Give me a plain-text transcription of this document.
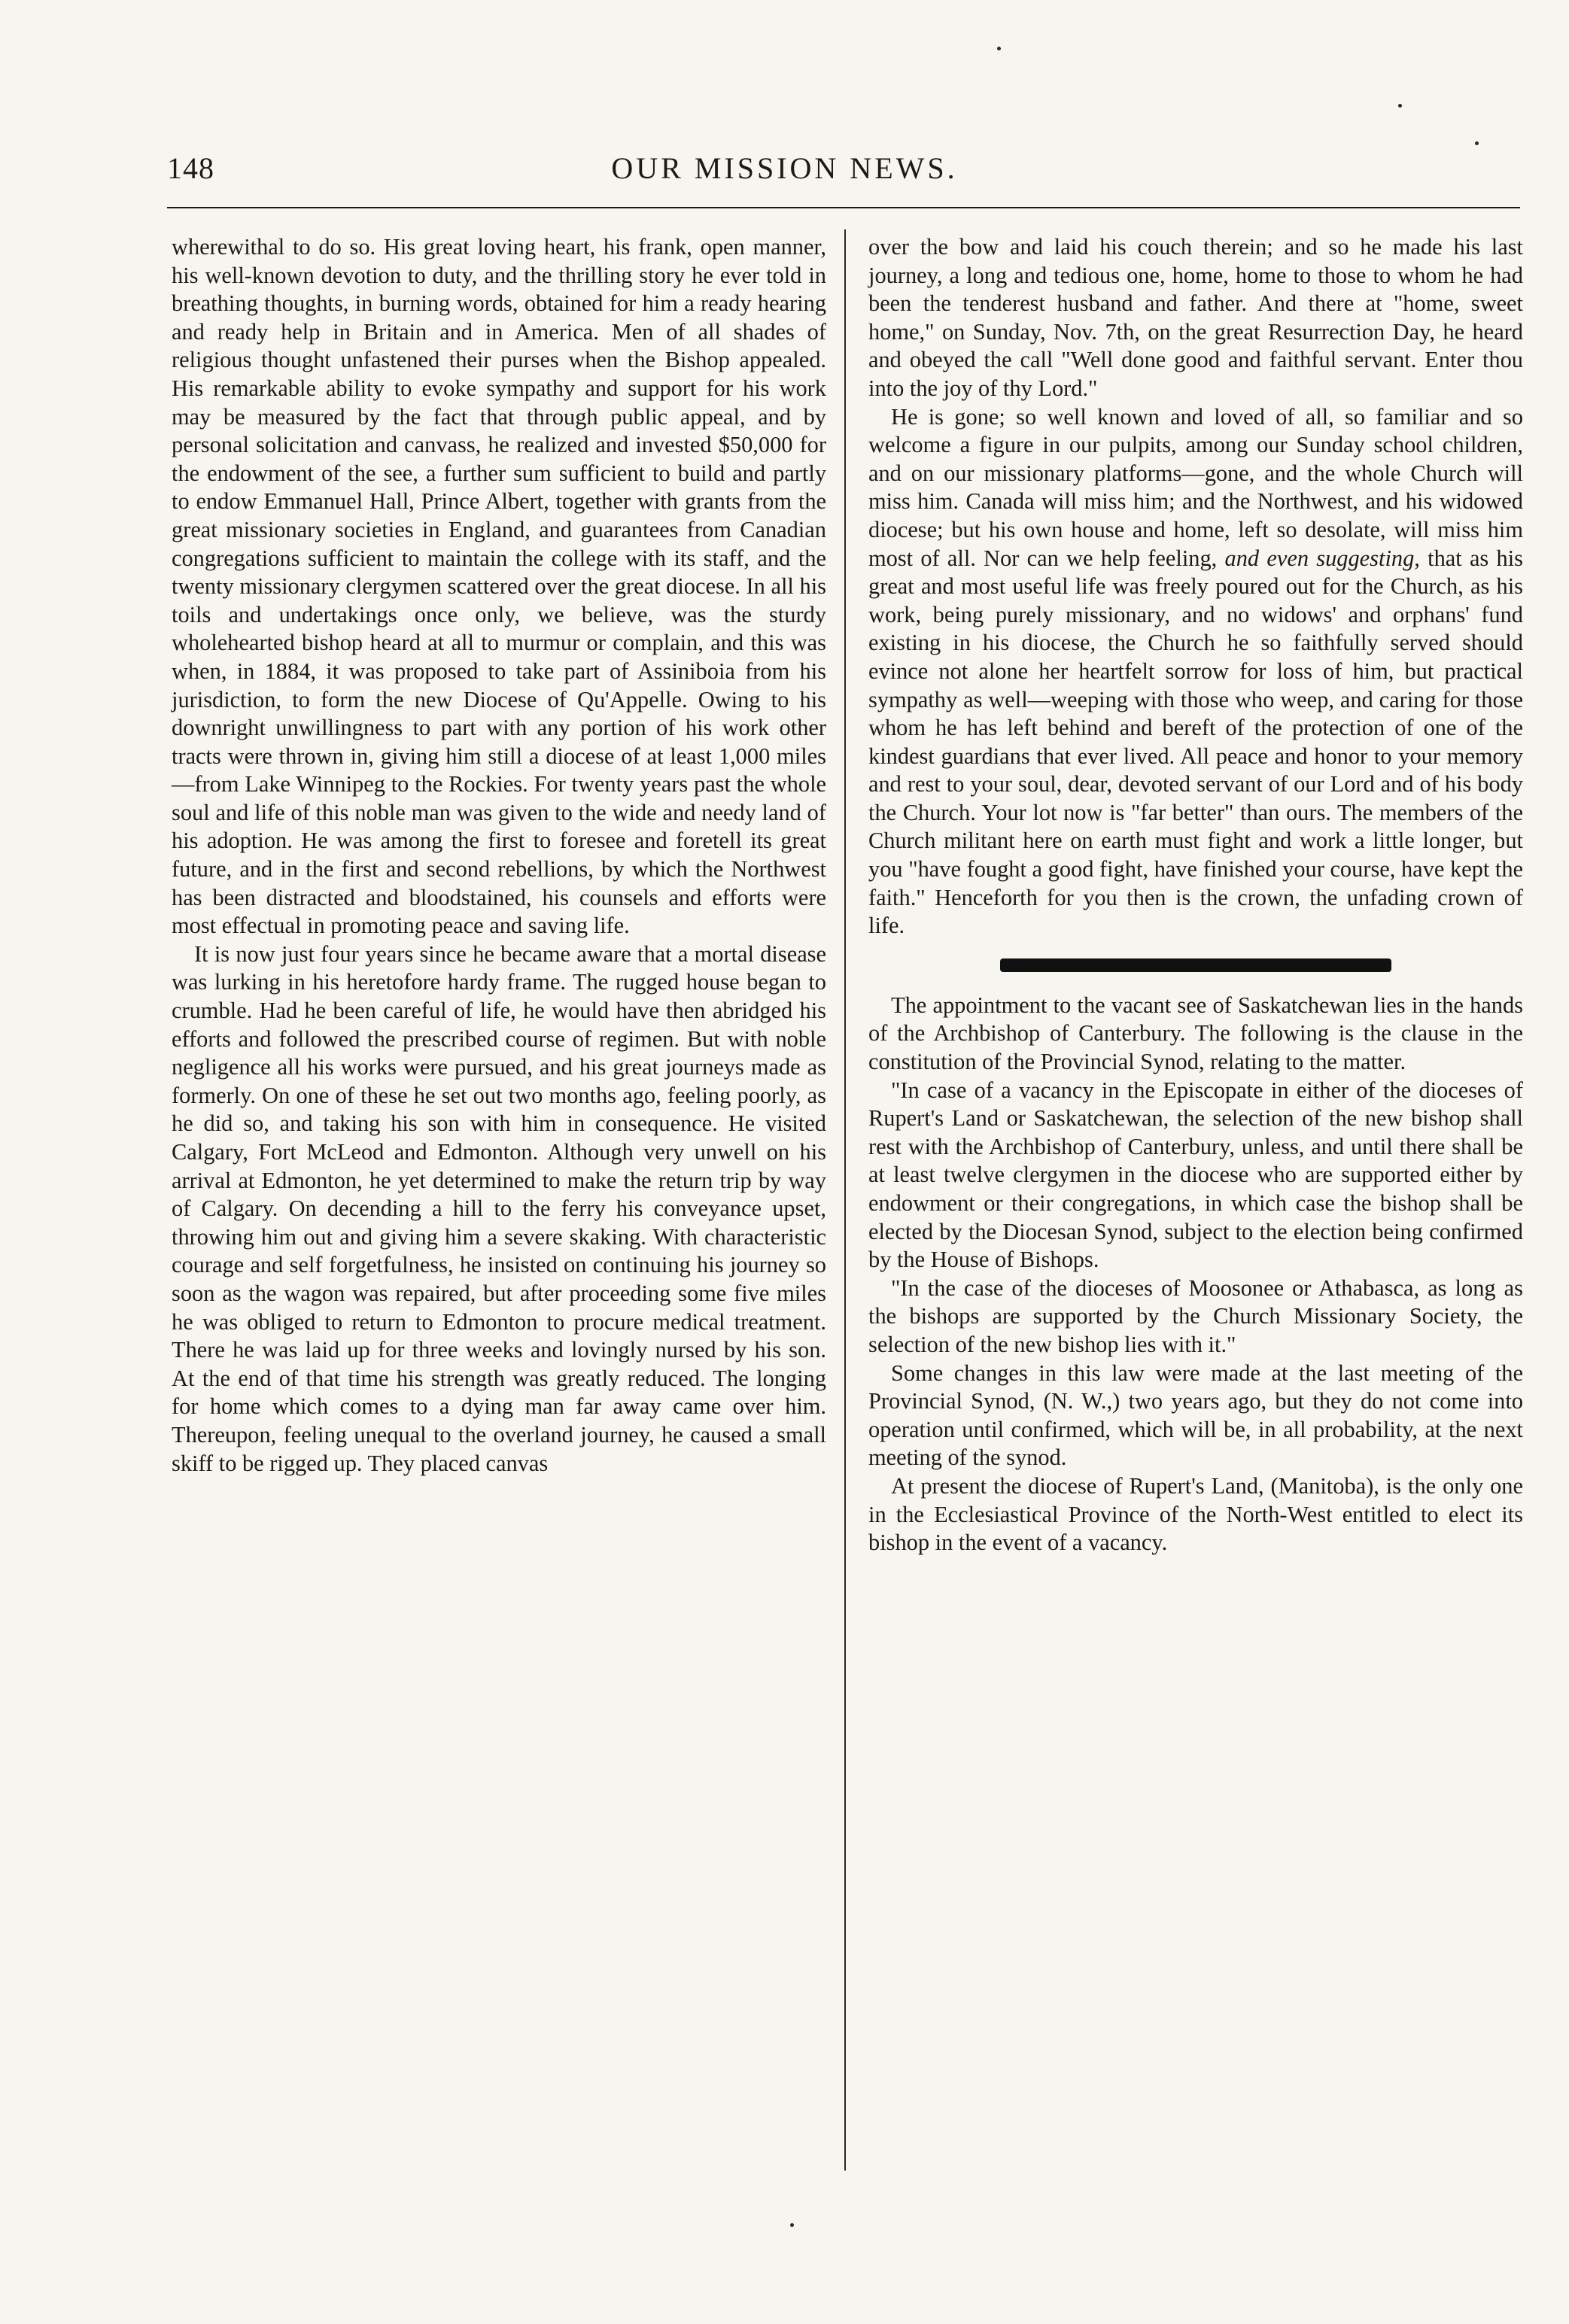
148	OUR MISSION NEWS.

wherewithal to do so. His great loving heart, his frank, open manner, his well-known devotion to duty, and the thrilling story he ever told in breathing thoughts, in burning words, obtained for him a ready hearing and ready help in Britain and in America. Men of all shades of religious thought unfastened their purses when the Bishop appealed. His remarkable ability to evoke sympathy and support for his work may be measured by the fact that through public appeal, and by personal solicitation and canvass, he realized and invested $50,000 for the endowment of the see, a further sum sufficient to build and partly to endow Emmanuel Hall, Prince Albert, together with grants from the great missionary societies in England, and guarantees from Canadian congregations sufficient to maintain the college with its staff, and the twenty missionary clergymen scattered over the great diocese. In all his toils and undertakings once only, we believe, was the sturdy wholehearted bishop heard at all to murmur or complain, and this was when, in 1884, it was proposed to take part of Assiniboia from his jurisdiction, to form the new Diocese of Qu'Appelle. Owing to his downright unwillingness to part with any portion of his work other tracts were thrown in, giving him still a diocese of at least 1,000 miles—from Lake Winnipeg to the Rockies. For twenty years past the whole soul and life of this noble man was given to the wide and needy land of his adoption. He was among the first to foresee and foretell its great future, and in the first and second rebellions, by which the Northwest has been distracted and bloodstained, his counsels and efforts were most effectual in promoting peace and saving life.

It is now just four years since he became aware that a mortal disease was lurking in his heretofore hardy frame. The rugged house began to crumble. Had he been careful of life, he would have then abridged his efforts and followed the prescribed course of regimen. But with noble negligence all his works were pursued, and his great journeys made as formerly. On one of these he set out two months ago, feeling poorly, as he did so, and taking his son with him in consequence. He visited Calgary, Fort McLeod and Edmonton. Although very unwell on his arrival at Edmonton, he yet determined to make the return trip by way of Calgary. On decending a hill to the ferry his conveyance upset, throwing him out and giving him a severe skaking. With characteristic courage and self forgetfulness, he insisted on continuing his journey so soon as the wagon was repaired, but after proceeding some five miles he was obliged to return to Edmonton to procure medical treatment. There he was laid up for three weeks and lovingly nursed by his son. At the end of that time his strength was greatly reduced. The longing for home which comes to a dying man far away came over him. Thereupon, feeling unequal to the overland journey, he caused a small skiff to be rigged up. They placed canvas

over the bow and laid his couch therein; and so he made his last journey, a long and tedious one, home, home to those to whom he had been the tenderest husband and father. And there at "home, sweet home," on Sunday, Nov. 7th, on the great Resurrection Day, he heard and obeyed the call "Well done good and faithful servant. Enter thou into the joy of thy Lord."

He is gone; so well known and loved of all, so familiar and so welcome a figure in our pulpits, among our Sunday school children, and on our missionary platforms—gone, and the whole Church will miss him. Canada will miss him; and the Northwest, and his widowed diocese; but his own house and home, left so desolate, will miss him most of all. Nor can we help feeling, and even suggesting, that as his great and most useful life was freely poured out for the Church, as his work, being purely missionary, and no widows' and orphans' fund existing in his diocese, the Church he so faithfully served should evince not alone her heartfelt sorrow for loss of him, but practical sympathy as well—weeping with those who weep, and caring for those whom he has left behind and bereft of the protection of one of the kindest guardians that ever lived. All peace and honor to your memory and rest to your soul, dear, devoted servant of our Lord and of his body the Church. Your lot now is "far better" than ours. The members of the Church militant here on earth must fight and work a little longer, but you "have fought a good fight, have finished your course, have kept the faith." Henceforth for you then is the crown, the unfading crown of life.

The appointment to the vacant see of Saskatchewan lies in the hands of the Archbishop of Canterbury. The following is the clause in the constitution of the Provincial Synod, relating to the matter.

"In case of a vacancy in the Episcopate in either of the dioceses of Rupert's Land or Saskatchewan, the selection of the new bishop shall rest with the Archbishop of Canterbury, unless, and until there shall be at least twelve clergymen in the diocese who are supported either by endowment or their congregations, in which case the bishop shall be elected by the Diocesan Synod, subject to the election being confirmed by the House of Bishops.

"In the case of the dioceses of Moosonee or Athabasca, as long as the bishops are supported by the Church Missionary Society, the selection of the new bishop lies with it."

Some changes in this law were made at the last meeting of the Provincial Synod, (N. W.,) two years ago, but they do not come into operation until confirmed, which will be, in all probability, at the next meeting of the synod.

At present the diocese of Rupert's Land, (Manitoba), is the only one in the Ecclesiastical Province of the North-West entitled to elect its bishop in the event of a vacancy.
